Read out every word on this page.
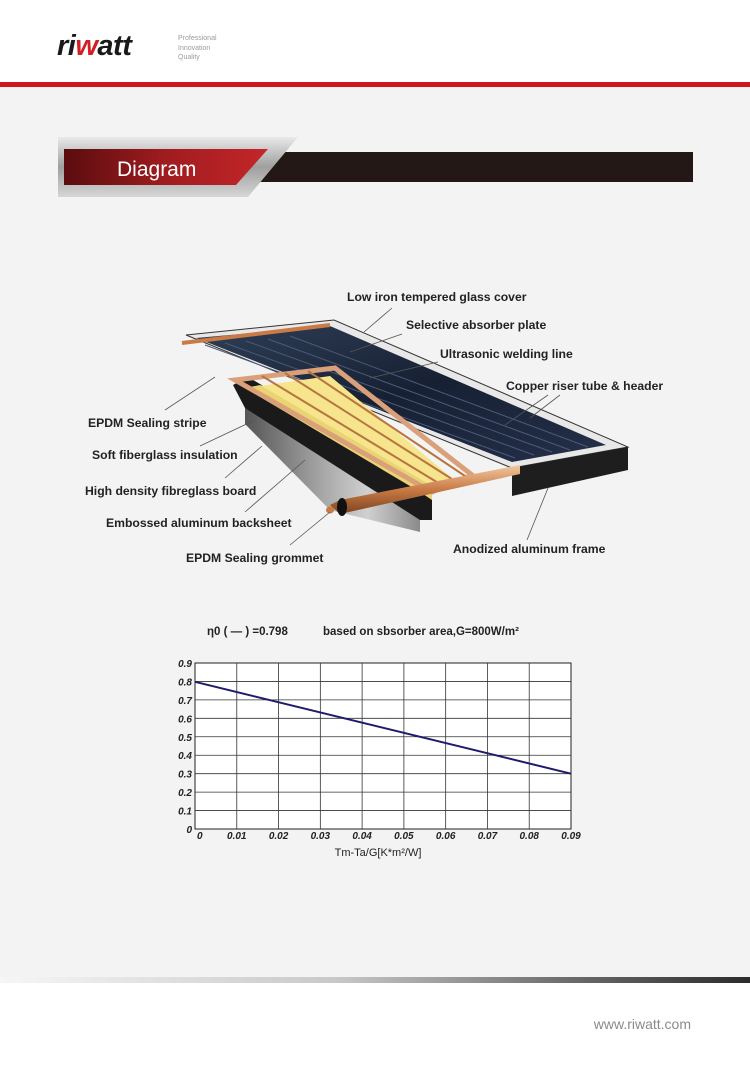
riwatt	Professional
Innovation
Quality
Diagram
Low iron tempered glass cover
Selective absorber plate
Ultrasonic welding line
Copper riser tube & header
EPDM Sealing stripe
Soft fiberglass insulation
High density fibreglass board
Embossed aluminum backsheet
EPDM Sealing grommet
Anodized aluminum frame
η0 ( — ) =0.798	based on sbsorber area,G=800W/m²
0 0.01 0.02 0.03 0.04 0.05 0.06 0.07 0.08 0.09
0
0.1
0.2
0.3
0.4
0.5
0.6
0.7
0.8
0.9
Tm-Ta/G[K*m²/W]
www.riwatt.com
